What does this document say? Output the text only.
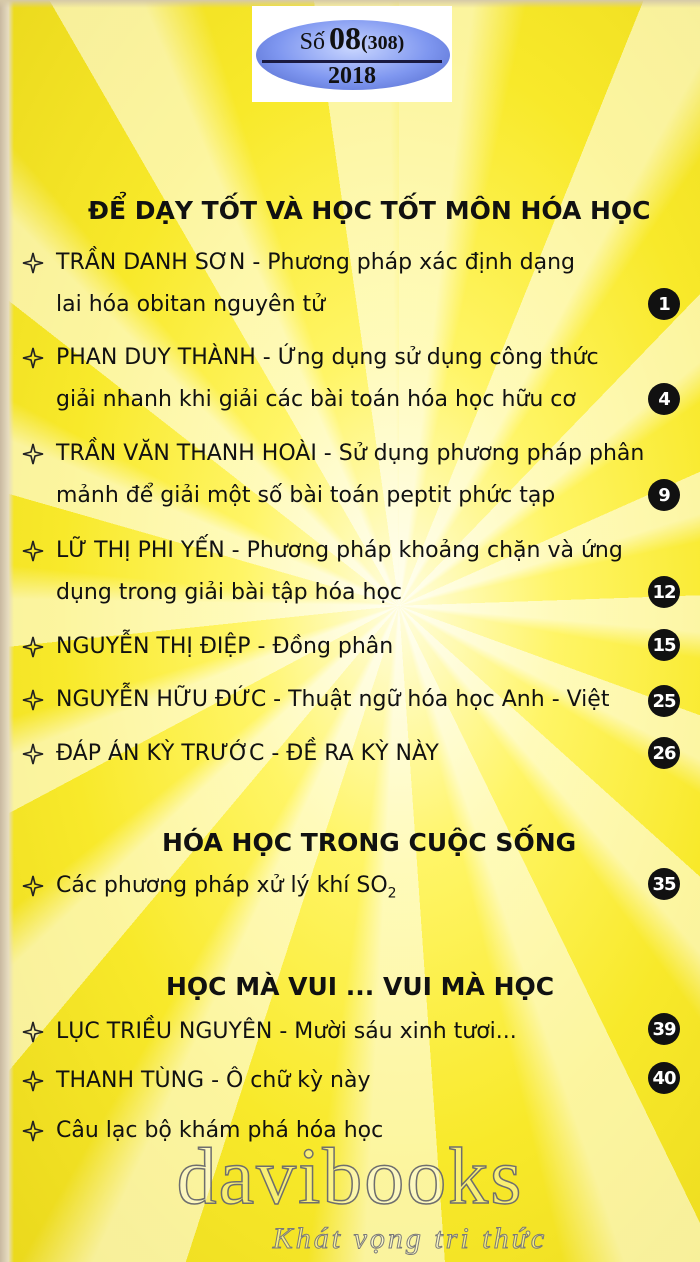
Số 08(308)
2018
ĐỂ DẠY TỐT VÀ HỌC TỐT MÔN HÓA HỌC
TRẦN DANH SƠN - Phương pháp xác định dạng
lai hóa obitan nguyên tử	1
PHAN DUY THÀNH - Ứng dụng sử dụng công thức
giải nhanh khi giải các bài toán hóa học hữu cơ	4
TRẦN VĂN THANH HOÀI - Sử dụng phương pháp phân
mảnh để giải một số bài toán peptit phức tạp	9
LỮ THỊ PHI YẾN - Phương pháp khoảng chặn và ứng
dụng trong giải bài tập hóa học	12
NGUYỄN THỊ ĐIỆP - Đồng phân	15
NGUYỄN HỮU ĐỨC - Thuật ngữ hóa học Anh - Việt 25
ĐÁP ÁN KỲ TRƯỚC - ĐỀ RA KỲ NÀY	26
HÓA HỌC TRONG CUỘC SỐNG
Các phương pháp xử lý khí $SO_2$	35
HỌC MÀ VUI ... VUI MÀ HỌC
LỤC TRIỀU NGUYÊN - Mười sáu xinh tươi...	39
THANH TÙNG - Ô chữ kỳ này	40
Câu lạc bộ khám phá hóa học
davibooks
Khát vọng tri thức
